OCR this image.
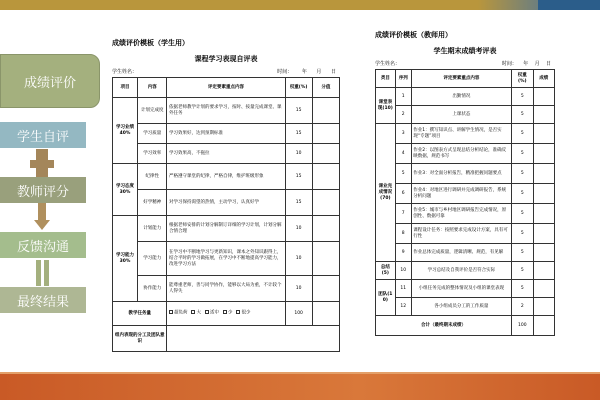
成绩评价
学生自评
教师评分
反馈沟通
最终结果
成绩评价模板（学生用）
课程学习表现自评表
学生姓名：	时间： 年 月 日
项目	内容	评定要素重点内容	权重(%)	分值
学习业绩40%	计划完成度	依据老师教学计划的要求学习，按时、按量完成课堂、课外任务	15	
	学习质量	学习效果好，达到预期标准	15	
	学习效率	学习效果高，不拖拉	10	
学习态度30%	纪律性	严格遵守课堂的纪律，严格自律，维护班级形象	15	
	好学精神	对学习保持渴望的热情，主动学习，认真好学	15	
学习能力30%	计划能力	根据老师安排的计划分解制订详细的学习计划，计划分解合情合理	10	
	学习能力	在学习中不断地学习与更新知识，课本之外知识跟得上，结合平时的学习做拓展，在学习中不断地提高学习能力，改进学习方法	10	
	协作能力	能尊重老师，善与同学协作，能够以大局为重，不计较个人得失	10	
教学任务量		超负荷 大 适中 少 很少	100	
组内表现的分工及团队意识				
成绩评价模板（教师用）
学生期末成绩考评表
学生姓名：	时间： 年 月 日
类目	序列	评定要素重点内容	权重(%)	成绩
课堂表现(10)	1	出勤情况	5	
	2	上课状态	5	
课业完成情况(70)	3	作业1：撰写知识点、讲解学生情况，是否实现“专题”项目	5	
	4	作业2：以图表方式呈现总结分析结论，准确反映数据，规范书写	5	
	5	作业3：对全面分析报告，精准把握问题要点	5	
	6	作业4：对地区进行调研并完成调研报告，系统分析问题	5	
	7	作业5：城市与乡村地区调研报告完成情况，原创性、数据可靠	5	
	8	课程设计任务：按照要求完成设计方案，具有可行性	5	
	9	作业总体完成质量，逻辑清晰、规范，有见解	5	
总结(5)	10	学习总结及自我评价是否符合实际	5	
团队(10)	11	小组任务完成的整体情况及小组的课堂表现	5	
	12	各小组成员分工的工作质量	2	
合计（最终期末成绩）			100	
